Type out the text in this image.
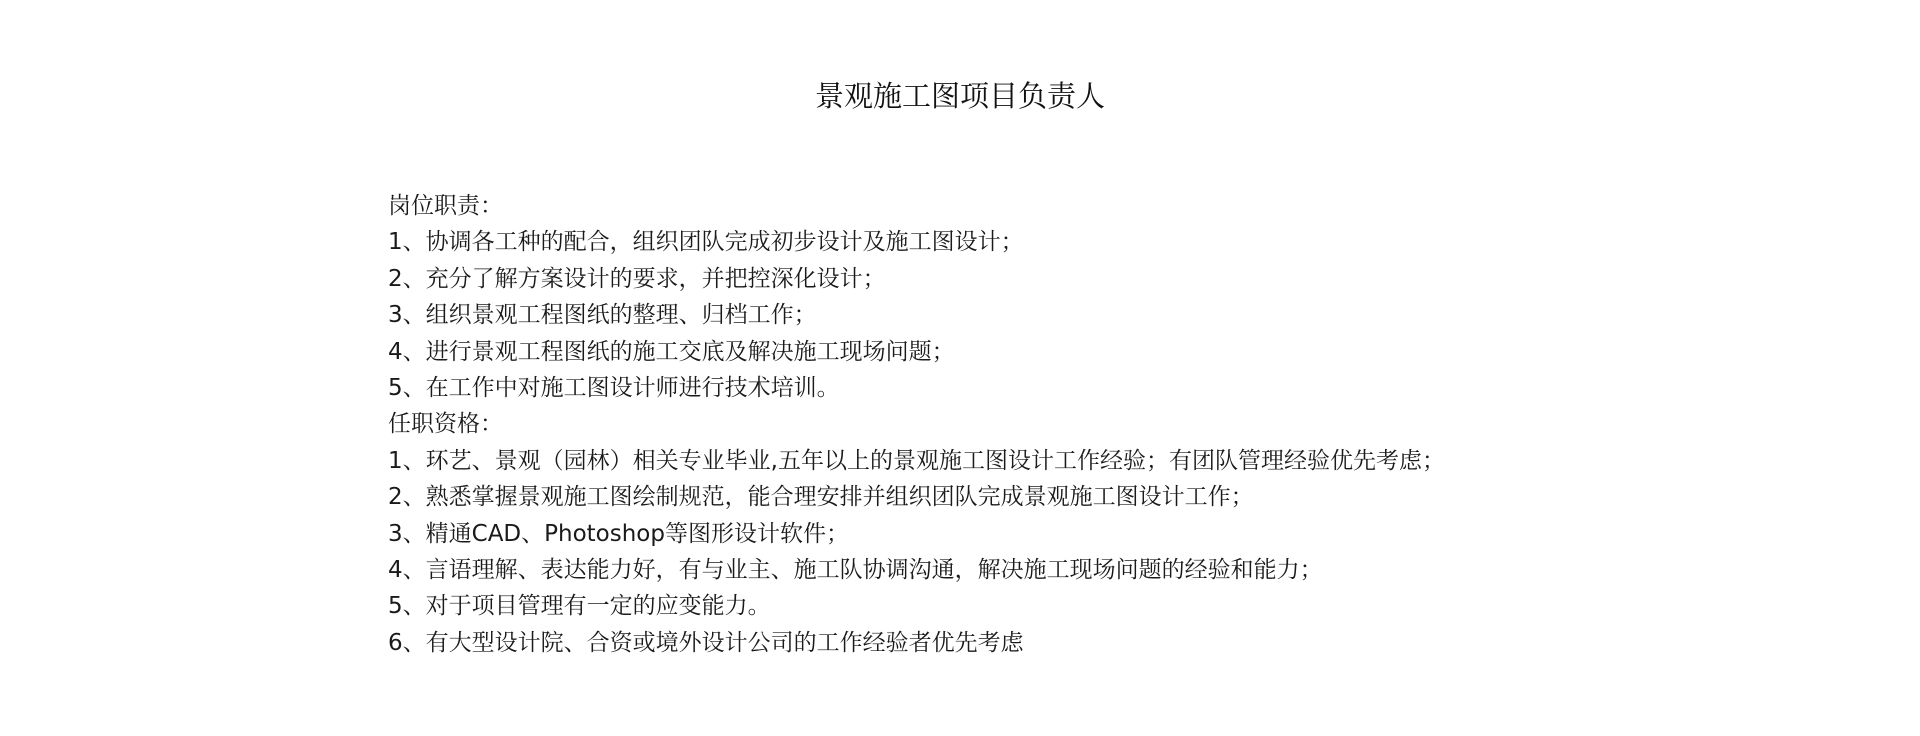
景观施工图项目负责人

岗位职责：

1、协调各工种的配合，组织团队完成初步设计及施工图设计；

2、充分了解方案设计的要求，并把控深化设计；

3、组织景观工程图纸的整理、归档工作；

4、进行景观工程图纸的施工交底及解决施工现场问题；

5、在工作中对施工图设计师进行技术培训。

任职资格：

1、环艺、景观（园林）相关专业毕业,五年以上的景观施工图设计工作经验；有团队管理经验优先考虑；

2、熟悉掌握景观施工图绘制规范，能合理安排并组织团队完成景观施工图设计工作；

3、精通CAD、Photoshop等图形设计软件；

4、言语理解、表达能力好，有与业主、施工队协调沟通，解决施工现场问题的经验和能力；

5、对于项目管理有一定的应变能力。

6、有大型设计院、合资或境外设计公司的工作经验者优先考虑
